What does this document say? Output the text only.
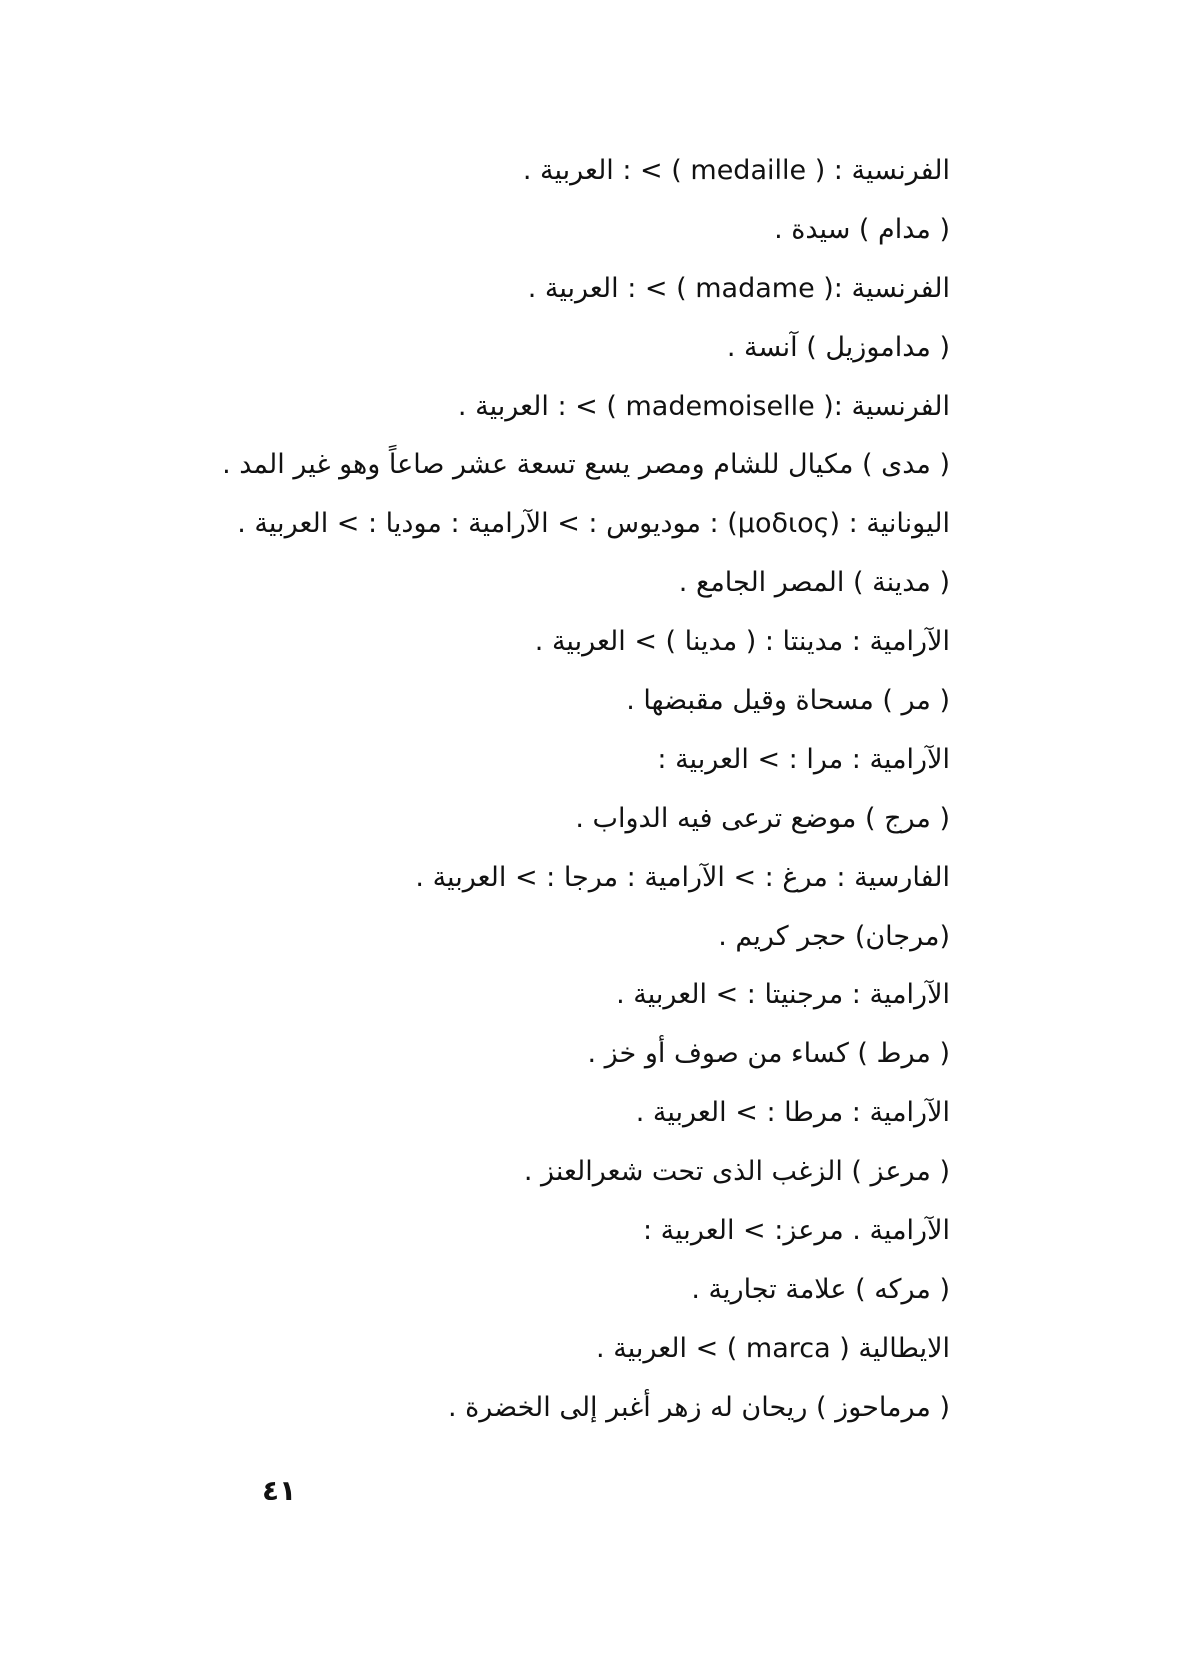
الفرنسية : ( medaille ) > : العربية .
( مدام ) سيدة .
الفرنسية :( madame ) > : العربية .
( مداموزيل ) آنسة .
الفرنسية :( mademoiselle ) > : العربية .
( مدى ) مكيال للشام ومصر يسع تسعة عشر صاعاً وهو غير المد .
اليونانية : (μοδιος) : موديوس : > الآرامية : موديا : > العربية .
( مدينة ) المصر الجامع .
الآرامية : مدينتا : ( مدينا ) > العربية .
( مر ) مسحاة وقيل مقبضها .
الآرامية : مرا : > العربية :
( مرج ) موضع ترعى فيه الدواب .
الفارسية : مرغ : > الآرامية : مرجا : > العربية .
(مرجان) حجر كريم .
الآرامية : مرجنيتا : > العربية .
( مرط ) كساء من صوف أو خز .
الآرامية : مرطا : > العربية .
( مرعز ) الزغب الذى تحت شعرالعنز .
الآرامية . مرعز: > العربية :
( مركه ) علامة تجارية .
الايطالية ( marca ) > العربية .
( مرماحوز ) ريحان له زهر أغبر إلى الخضرة .
٤١
